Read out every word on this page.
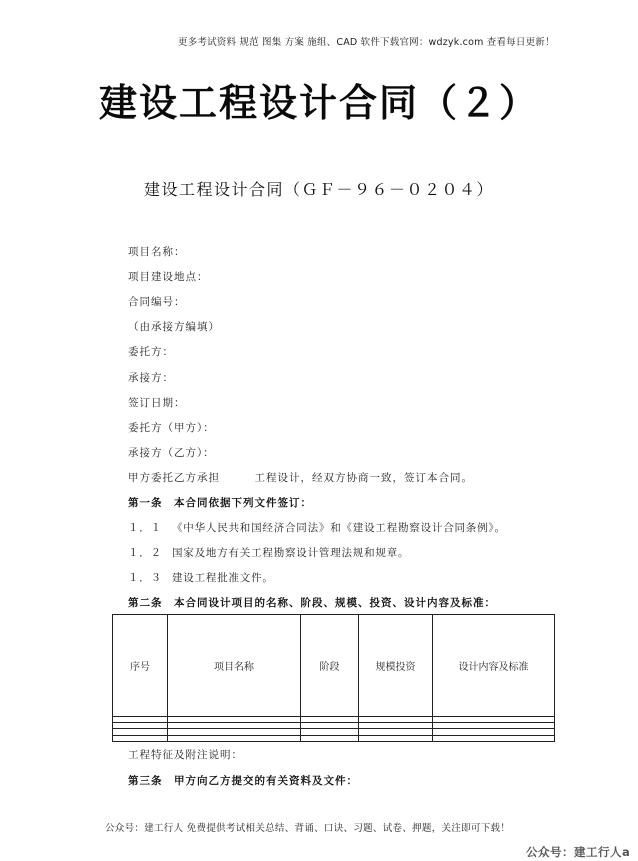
更多考试资料 规范 图集 方案 施组、CAD 软件下载官网：wdzyk.com 查看每日更新！
建设工程设计合同（２）
建设工程设计合同（ＧＦ－９６－０２０４）
项目名称：
项目建设地点：
合同编号：
（由承接方编填）
委托方：
承接方：
签订日期：
委托方（甲方）：
承接方（乙方）：
甲方委托乙方承担　　　工程设计，经双方协商一致，签订本合同。
第一条　本合同依据下列文件签订：
１．１ 《中华人民共和国经济合同法》和《建设工程勘察设计合同条例》。
１．２ 国家及地方有关工程勘察设计管理法规和规章。
１．３ 建设工程批准文件。
第二条　本合同设计项目的名称、阶段、规模、投资、设计内容及标准：
序号	项目名称	阶段	规模投资	设计内容及标准

工程特征及附注说明：
第三条　甲方向乙方提交的有关资料及文件：
公众号：建工行人 免费提供考试相关总结、背诵、口诀、习题、试卷、押题，关注即可下载！
公众号：建工行人a
